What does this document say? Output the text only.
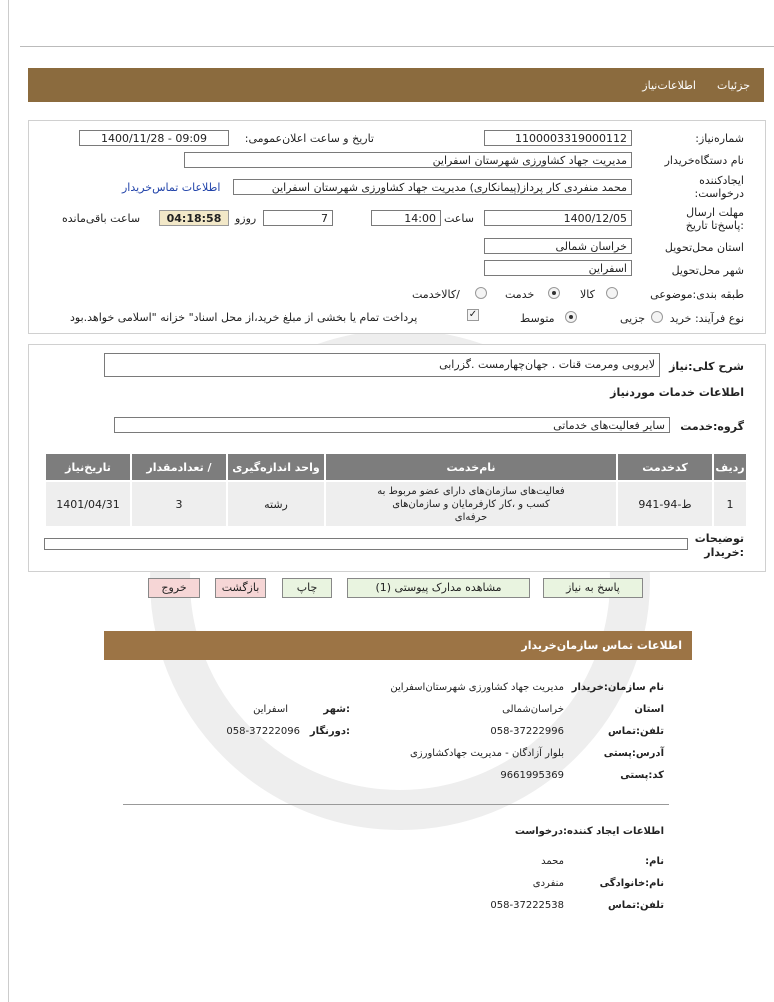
جزئیات
اطلاعات‌نیاز
شماره‌نیاز:
1100003319000112
تاریخ و ساعت اعلان‌عمومی:
1400/11/28 - 09:09
نام دستگاه‌خریدار
مدیریت جهاد کشاورزی شهرستان اسفراین
ایجادکننده درخواست:
محمد منفردی کار پرداز(پیمانکاری) مدیریت جهاد کشاورزی شهرستان اسفراین
اطلاعات تماس‌خریدار
مهلت ارسال :پاسخ‌تا تاریخ
1400/12/05
ساعت
14:00
7
روزو
04:18:58
ساعت باقی‌مانده
استان محل‌تحویل
خراسان شمالی
شهر محل‌تحویل
اسفراین
طبقه بندی‌:موضوعی
کالا
خدمت
/کالاخدمت
نوع فرآیند: خرید
جزیی
متوسط
✓
پرداخت تمام یا بخشی از مبلغ خرید،از محل اسناد" خزانه "اسلامی خواهد.بود
شرح کلی:نیاز
لایروبی ومرمت قنات . جهان‌چهارمست .گزرابی
اطلاعات خدمات موردنیاز
گروه:خدمت
سایر فعالیت‌های خدماتی
ردیف	کدخدمت	نام‌خدمت	واحد اندازه‌گیری	/ تعدادمقدار	تاریخ‌نیاز
1	ط-94-941	فعالیت‌های سازمان‌های دارای عضو مربوط به کسب و ،کار کارفرمایان و سازمان‌های حرفه‌ای	رشته	3	1401/04/31
توضیحات :خریدار
پاسخ به نیاز
مشاهده مدارک پیوستی (1)
چاپ
بازگشت
خروج
اطلاعات تماس سازمان‌خریدار
نام سازمان:خریدار
مدیریت جهاد کشاورزی شهرستان‌اسفراین
استان
خراسان‌شمالی
:شهر
اسفراین
تلفن:تماس
058-37222996
:دورنگار
058-37222096
آدرس:پستی
بلوار آزادگان - مدیریت جهادکشاورزی
کد:پستی
9661995369
اطلاعات ایجاد کننده:درخواست
نام:
محمد
نام:خانوادگی
منفردی
تلفن:تماس
058-37222538
